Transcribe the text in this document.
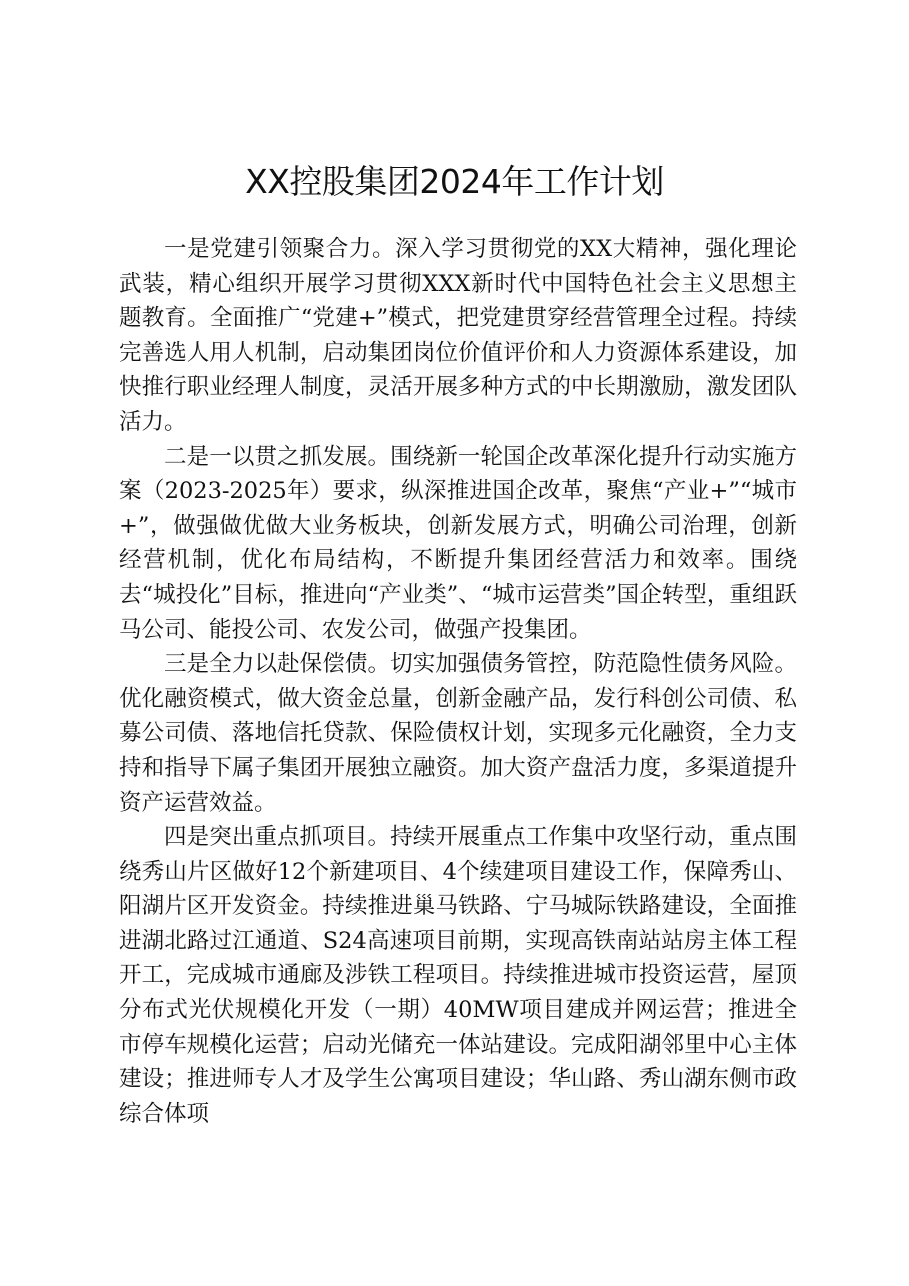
XX控股集团2024年工作计划

一是党建引领聚合力。深入学习贯彻党的XX大精神，强化理论武装，精心组织开展学习贯彻XXX新时代中国特色社会主义思想主题教育。全面推广“党建+”模式，把党建贯穿经营管理全过程。持续完善选人用人机制，启动集团岗位价值评价和人力资源体系建设，加快推行职业经理人制度，灵活开展多种方式的中长期激励，激发团队活力。

二是一以贯之抓发展。围绕新一轮国企改革深化提升行动实施方案（2023-2025年）要求，纵深推进国企改革，聚焦“产业+”“城市+”，做强做优做大业务板块，创新发展方式，明确公司治理，创新经营机制，优化布局结构，不断提升集团经营活力和效率。围绕去“城投化”目标，推进向“产业类”、“城市运营类”国企转型，重组跃马公司、能投公司、农发公司，做强产投集团。

三是全力以赴保偿债。切实加强债务管控，防范隐性债务风险。优化融资模式，做大资金总量，创新金融产品，发行科创公司债、私募公司债、落地信托贷款、保险债权计划，实现多元化融资，全力支持和指导下属子集团开展独立融资。加大资产盘活力度，多渠道提升资产运营效益。

四是突出重点抓项目。持续开展重点工作集中攻坚行动，重点围绕秀山片区做好12个新建项目、4个续建项目建设工作，保障秀山、阳湖片区开发资金。持续推进巢马铁路、宁马城际铁路建设，全面推进湖北路过江通道、S24高速项目前期，实现高铁南站站房主体工程开工，完成城市通廊及涉铁工程项目。持续推进城市投资运营，屋顶分布式光伏规模化开发（一期）40MW项目建成并网运营；推进全市停车规模化运营；启动光储充一体站建设。完成阳湖邻里中心主体建设；推进师专人才及学生公寓项目建设；华山路、秀山湖东侧市政综合体项
